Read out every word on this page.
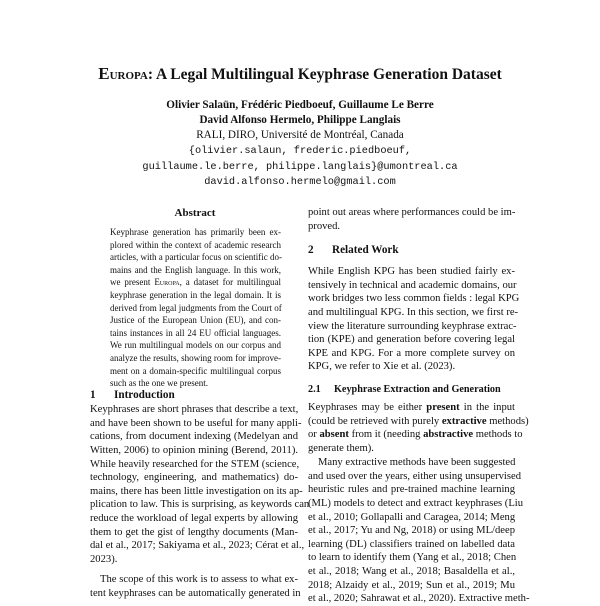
Europa: A Legal Multilingual Keyphrase Generation Dataset
Olivier Salaün, Frédéric Piedboeuf, Guillaume Le Berre
David Alfonso Hermelo, Philippe Langlais
RALI, DIRO, Université de Montréal, Canada
{olivier.salaun, frederic.piedboeuf,
guillaume.le.berre, philippe.langlais}@umontreal.ca
david.alfonso.hermelo@gmail.com
Abstract
Keyphrase generation has primarily been ex-
plored within the context of academic research
articles, with a particular focus on scientific do-
mains and the English language. In this work,
we present Europa, a dataset for multilingual
keyphrase generation in the legal domain. It is
derived from legal judgments from the Court of
Justice of the European Union (EU), and con-
tains instances in all 24 EU official languages.
We run multilingual models on our corpus and
analyze the results, showing room for improve-
ment on a domain-specific multilingual corpus
such as the one we present.
1 Introduction
Keyphrases are short phrases that describe a text,
and have been shown to be useful for many appli-
cations, from document indexing (Medelyan and
Witten, 2006) to opinion mining (Berend, 2011).
While heavily researched for the STEM (science,
technology, engineering, and mathematics) do-
mains, there has been little investigation on its ap-
plication to law. This is surprising, as keywords can
reduce the workload of legal experts by allowing
them to get the gist of lengthy documents (Man-
dal et al., 2017; Sakiyama et al., 2023; Cérat et al.,
2023).
The scope of this work is to assess to what ex-
tent keyphrases can be automatically generated in
point out areas where performances could be im-
proved.
2 Related Work
While English KPG has been studied fairly ex-
tensively in technical and academic domains, our
work bridges two less common fields : legal KPG
and multilingual KPG. In this section, we first re-
view the literature surrounding keyphrase extrac-
tion (KPE) and generation before covering legal
KPE and KPG. For a more complete survey on
KPG, we refer to Xie et al. (2023).
2.1 Keyphrase Extraction and Generation
Keyphrases may be either present in the input
(could be retrieved with purely extractive methods)
or absent from it (needing abstractive methods to
generate them).
Many extractive methods have been suggested
and used over the years, either using unsupervised
heuristic rules and pre-trained machine learning
(ML) models to detect and extract keyphrases (Liu
et al., 2010; Gollapalli and Caragea, 2014; Meng
et al., 2017; Yu and Ng, 2018) or using ML/deep
learning (DL) classifiers trained on labelled data
to learn to identify them (Yang et al., 2018; Chen
et al., 2018; Wang et al., 2018; Basaldella et al.,
2018; Alzaidy et al., 2019; Sun et al., 2019; Mu
et al., 2020; Sahrawat et al., 2020). Extractive meth-
